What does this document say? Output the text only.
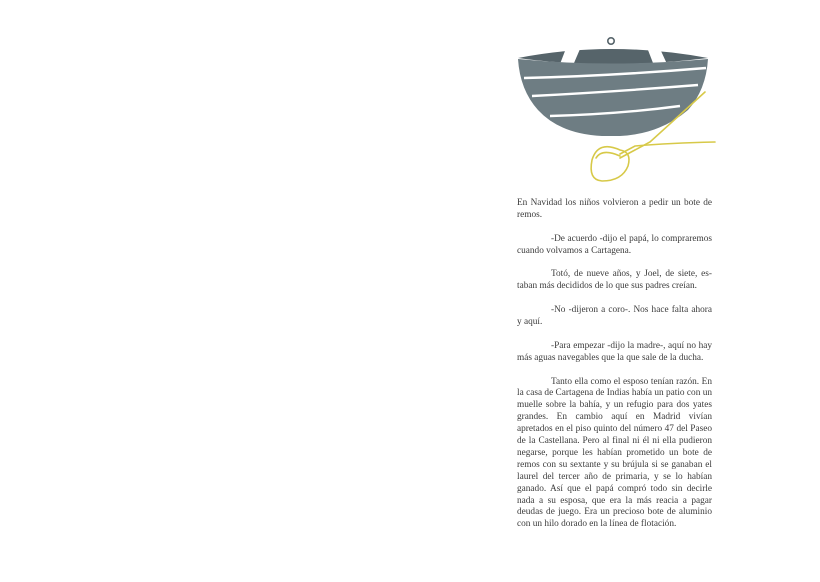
En Navidad los niños volvieron a pedir un bote de remos.

-De acuerdo -dijo el papá, lo compraremos cuando volvamos a Cartagena.

Totó, de nueve años, y Joel, de siete, estaban más decididos de lo que sus padres creían.

-No -dijeron a coro-. Nos hace falta ahora y aquí.

-Para empezar -dijo la madre-, aquí no hay más aguas navegables que la que sale de la ducha.

Tanto ella como el esposo tenían razón. En la casa de Cartagena de Indias había un patio con un muelle sobre la bahía, y un refugio para dos yates grandes. En cambio aquí en Madrid vivían apretados en el piso quinto del número 47 del Paseo de la Castellana. Pero al final ni él ni ella pudieron negarse, porque les habían prometido un bote de remos con su sextante y su brújula si se ganaban el laurel del tercer año de primaria, y se lo habían ganado. Así que el papá compró todo sin decirle nada a su esposa, que era la más reacia a pagar deudas de juego. Era un precioso bote de aluminio con un hilo dorado en la línea de flotación.
